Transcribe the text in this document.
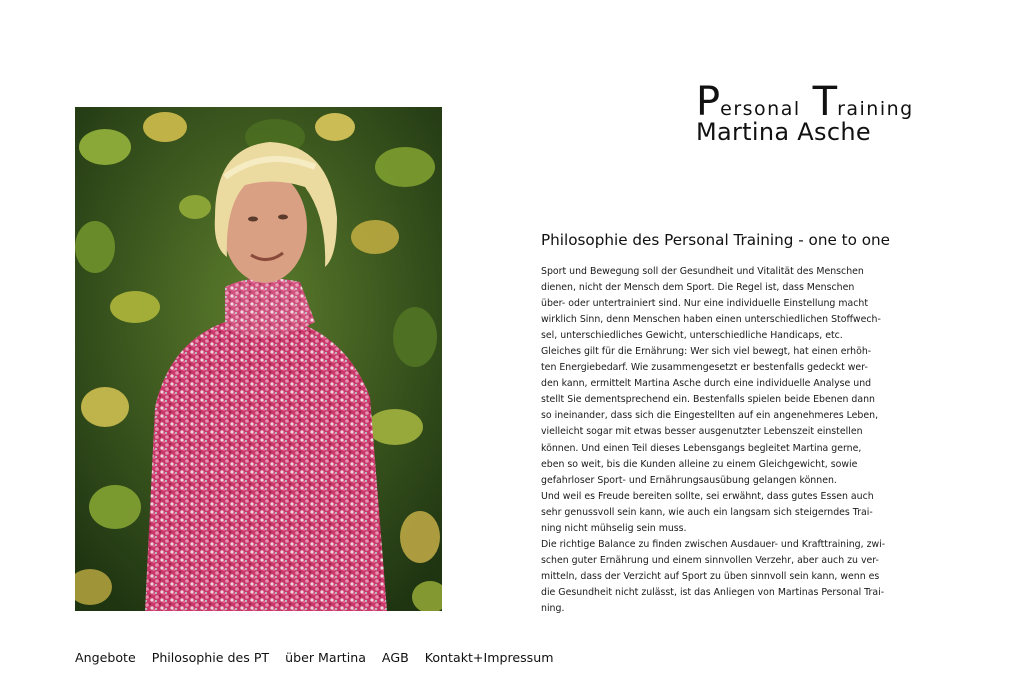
P ersonal T raining
Martina Asche
Philosophie des Personal Training - one to one
Sport und Bewegung soll der Gesundheit und Vitalität des Menschen
dienen, nicht der Mensch dem Sport. Die Regel ist, dass Menschen
über- oder untertrainiert sind. Nur eine individuelle Einstellung macht
wirklich Sinn, denn Menschen haben einen unterschiedlichen Stoffwech-
sel, unterschiedliches Gewicht, unterschiedliche Handicaps, etc.
Gleiches gilt für die Ernährung: Wer sich viel bewegt, hat einen erhöh-
ten Energiebedarf. Wie zusammengesetzt er bestenfalls gedeckt wer-
den kann, ermittelt Martina Asche durch eine individuelle Analyse und
stellt Sie dementsprechend ein. Bestenfalls spielen beide Ebenen dann
so ineinander, dass sich die Eingestellten auf ein angenehmeres Leben,
vielleicht sogar mit etwas besser ausgenutzter Lebenszeit einstellen
können. Und einen Teil dieses Lebensgangs begleitet Martina gerne,
eben so weit, bis die Kunden alleine zu einem Gleichgewicht, sowie
gefahrloser Sport- und Ernährungsausübung gelangen können.
Und weil es Freude bereiten sollte, sei erwähnt, dass gutes Essen auch
sehr genussvoll sein kann, wie auch ein langsam sich steigerndes Trai-
ning nicht mühselig sein muss.
Die richtige Balance zu finden zwischen Ausdauer- und Krafttraining, zwi-
schen guter Ernährung und einem sinnvollen Verzehr, aber auch zu ver-
mitteln, dass der Verzicht auf Sport zu üben sinnvoll sein kann, wenn es
die Gesundheit nicht zulässt, ist das Anliegen von Martinas Personal Trai-
ning.
Angebote Philosophie des PT über Martina AGB Kontakt+Impressum
